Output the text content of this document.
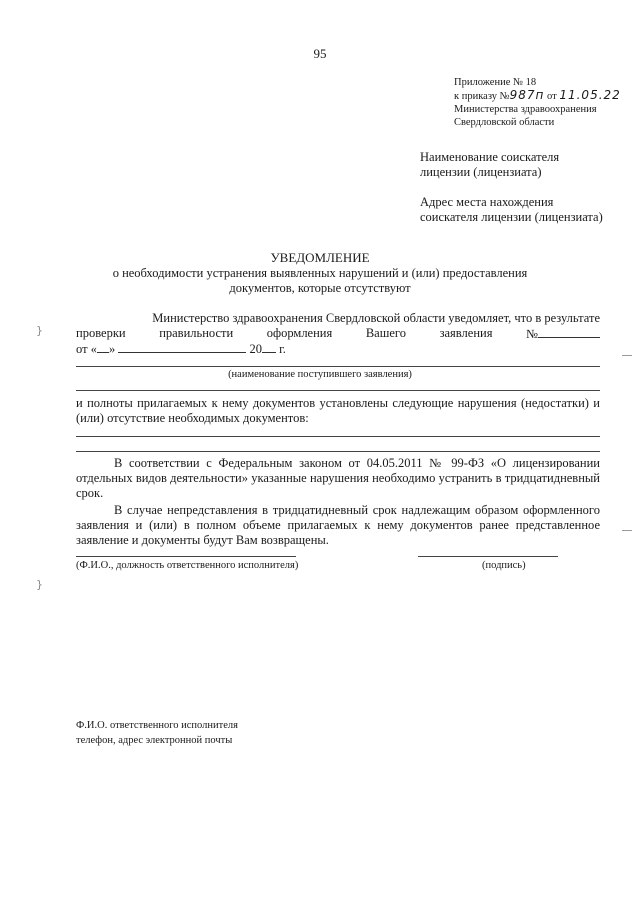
95
Приложение № 18
к приказу №987п от 11.05.22
Министерства здравоохранения
Свердловской области
Наименование соискателя
лицензии (лицензиата)
Адрес места нахождения
соискателя лицензии (лицензиата)
УВЕДОМЛЕНИЕ
о необходимости устранения выявленных нарушений и (или) предоставления
документов, которые отсутствуют
Министерство здравоохранения Свердловской области уведомляет, что в результате
проверки	правильности	оформления	Вашего	заявления	№
от « »	20 г.
(наименование поступившего заявления)
и полноты прилагаемых к нему документов установлены следующие нарушения (недостатки) и (или) отсутствие необходимых документов:
В соответствии с Федеральным законом от 04.05.2011 № 99-ФЗ «О лицензировании отдельных видов деятельности» указанные нарушения необходимо устранить в тридцатидневный срок.
В случае непредставления в тридцатидневный срок надлежащим образом оформленного заявления и (или) в полном объеме прилагаемых к нему документов ранее представленное заявление и документы будут Вам возвращены.
(Ф.И.О., должность ответственного исполнителя)	(подпись)
Ф.И.О. ответственного исполнителя
телефон, адрес электронной почты
}
}
